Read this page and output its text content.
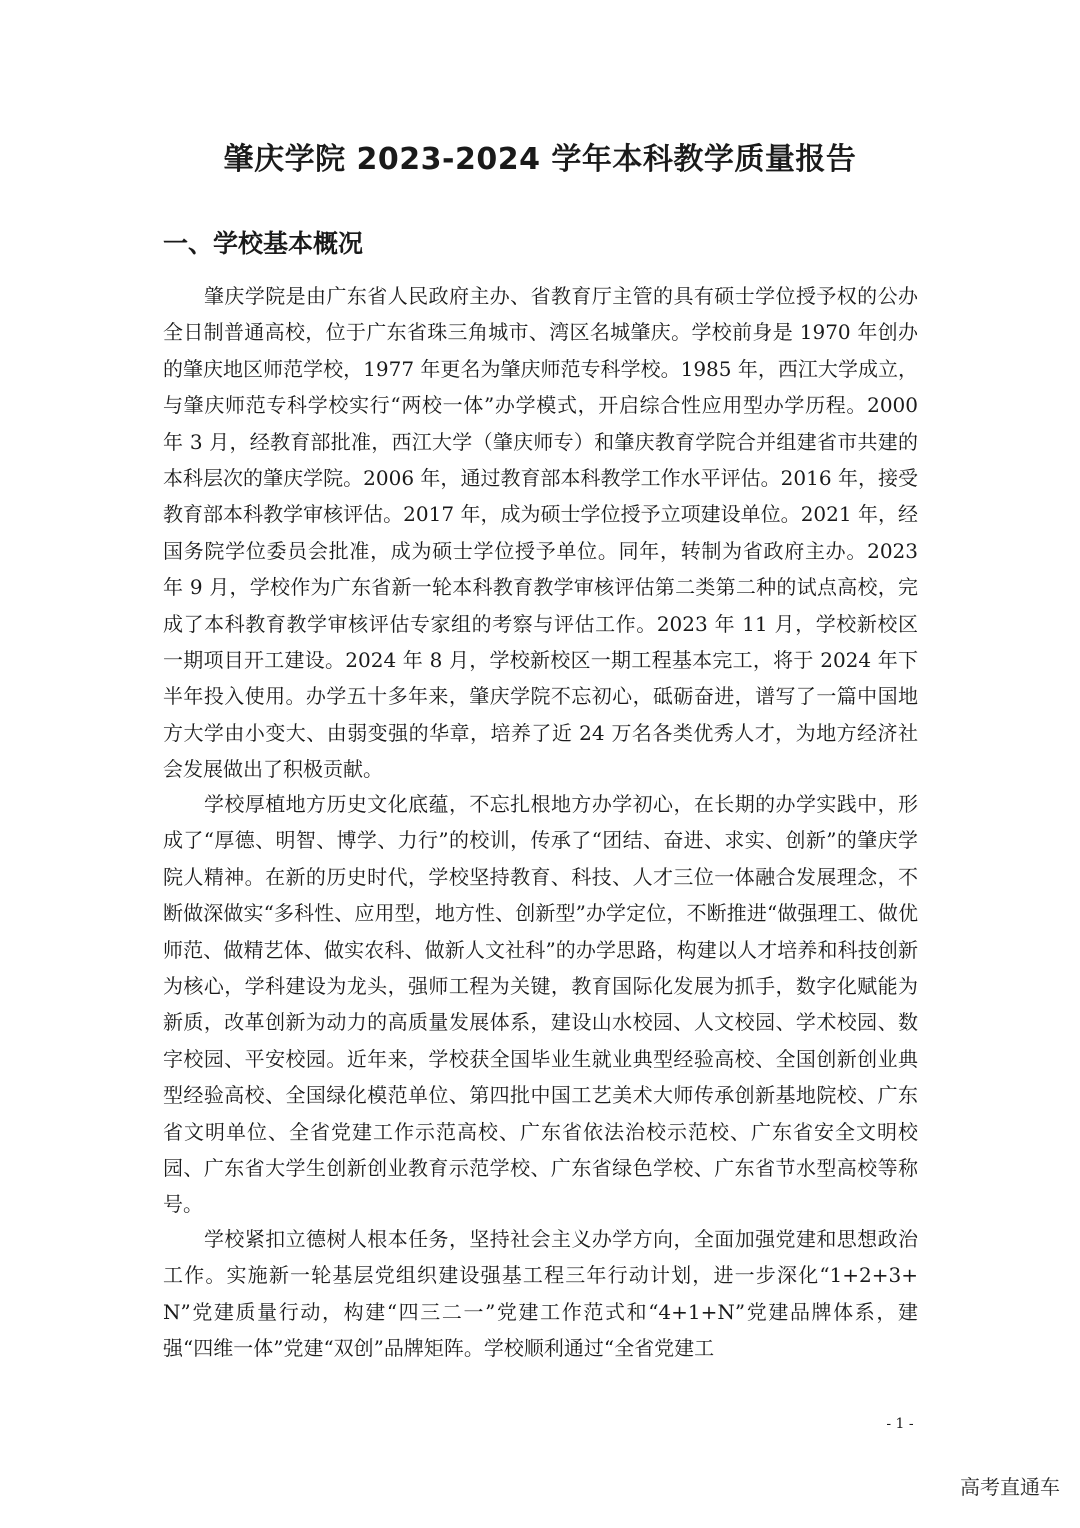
肇庆学院 2023-2024 学年本科教学质量报告
一、学校基本概况

肇庆学院是由广东省人民政府主办、省教育厅主管的具有硕士学位授予权的公办全日制普通高校，位于广东省珠三角城市、湾区名城肇庆。学校前身是 1970 年创办的肇庆地区师范学校，1977 年更名为肇庆师范专科学校。1985 年，西江大学成立，与肇庆师范专科学校实行“两校一体”办学模式，开启综合性应用型办学历程。2000 年 3 月，经教育部批准，西江大学（肇庆师专）和肇庆教育学院合并组建省市共建的本科层次的肇庆学院。2006 年，通过教育部本科教学工作水平评估。2016 年，接受教育部本科教学审核评估。2017 年，成为硕士学位授予立项建设单位。2021 年，经国务院学位委员会批准，成为硕士学位授予单位。同年，转制为省政府主办。2023 年 9 月，学校作为广东省新一轮本科教育教学审核评估第二类第二种的试点高校，完成了本科教育教学审核评估专家组的考察与评估工作。2023 年 11 月，学校新校区一期项目开工建设。2024 年 8 月，学校新校区一期工程基本完工，将于 2024 年下半年投入使用。办学五十多年来，肇庆学院不忘初心，砥砺奋进，谱写了一篇中国地方大学由小变大、由弱变强的华章，培养了近 24 万名各类优秀人才，为地方经济社会发展做出了积极贡献。

学校厚植地方历史文化底蕴，不忘扎根地方办学初心，在长期的办学实践中，形成了“厚德、明智、博学、力行”的校训，传承了“团结、奋进、求实、创新”的肇庆学院人精神。在新的历史时代，学校坚持教育、科技、人才三位一体融合发展理念，不断做深做实“多科性、应用型，地方性、创新型”办学定位，不断推进“做强理工、做优师范、做精艺体、做实农科、做新人文社科”的办学思路，构建以人才培养和科技创新为核心，学科建设为龙头，强师工程为关键，教育国际化发展为抓手，数字化赋能为新质，改革创新为动力的高质量发展体系，建设山水校园、人文校园、学术校园、数字校园、平安校园。近年来，学校获全国毕业生就业典型经验高校、全国创新创业典型经验高校、全国绿化模范单位、第四批中国工艺美术大师传承创新基地院校、广东省文明单位、全省党建工作示范高校、广东省依法治校示范校、广东省安全文明校园、广东省大学生创新创业教育示范学校、广东省绿色学校、广东省节水型高校等称号。

学校紧扣立德树人根本任务，坚持社会主义办学方向，全面加强党建和思想政治工作。实施新一轮基层党组织建设强基工程三年行动计划，进一步深化“1+2+3+N”党建质量行动，构建“四三二一”党建工作范式和“4+1+N”党建品牌体系，建强“四维一体”党建“双创”品牌矩阵。学校顺利通过“全省党建工

- 1 -
高考直通车
